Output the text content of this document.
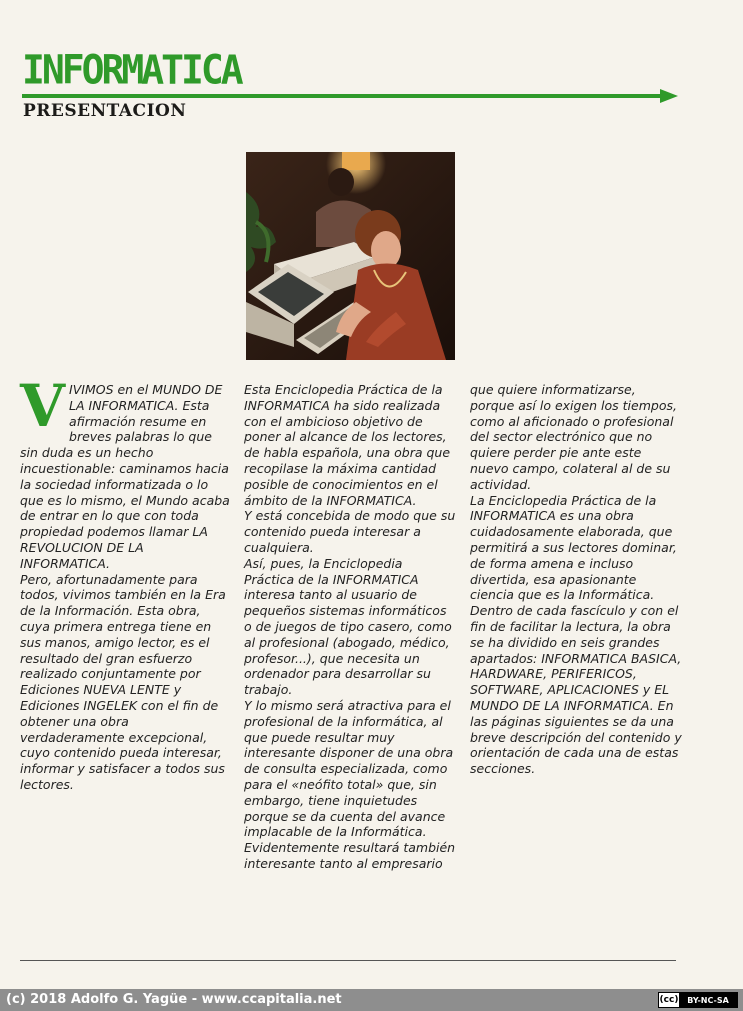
INFORMATICA
PRESENTACION
V IVIMOS en el MUNDO DE LA INFORMATICA. Esta afirmación resume en breves palabras lo que sin duda es un hecho incuestionable: caminamos hacia la sociedad informatizada o lo que es lo mismo, el Mundo acaba de entrar en lo que con toda propiedad podemos llamar LA REVOLUCION DE LA INFORMATICA.

Pero, afortunadamente para todos, vivimos también en la Era de la Información. Esta obra, cuya primera entrega tiene en sus manos, amigo lector, es el resultado del gran esfuerzo realizado conjuntamente por Ediciones NUEVA LENTE y Ediciones INGELEK con el fin de obtener una obra verdaderamente excepcional, cuyo contenido pueda interesar, informar y satisfacer a todos sus lectores.

Esta Enciclopedia Práctica de la INFORMATICA ha sido realizada con el ambicioso objetivo de poner al alcance de los lectores, de habla española, una obra que recopilase la máxima cantidad posible de conocimientos en el ámbito de la INFORMATICA.

Y está concebida de modo que su contenido pueda interesar a cualquiera.

Así, pues, la Enciclopedia Práctica de la INFORMATICA interesa tanto al usuario de pequeños sistemas informáticos o de juegos de tipo casero, como al profesional (abogado, médico, profesor...), que necesita un ordenador para desarrollar su trabajo.

Y lo mismo será atractiva para el profesional de la informática, al que puede resultar muy interesante disponer de una obra de consulta especializada, como para el «neófito total» que, sin embargo, tiene inquietudes porque se da cuenta del avance implacable de la Informática. Evidentemente resultará también interesante tanto al empresario

que quiere informatizarse, porque así lo exigen los tiempos, como al aficionado o profesional del sector electrónico que no quiere perder pie ante este nuevo campo, colateral al de su actividad.

La Enciclopedia Práctica de la INFORMATICA es una obra cuidadosamente elaborada, que permitirá a sus lectores dominar, de forma amena e incluso divertida, esa apasionante ciencia que es la Informática.

Dentro de cada fascículo y con el fin de facilitar la lectura, la obra se ha dividido en seis grandes apartados: INFORMATICA BASICA, HARDWARE, PERIFERICOS, SOFTWARE, APLICACIONES y EL MUNDO DE LA INFORMATICA. En las páginas siguientes se da una breve descripción del contenido y orientación de cada una de estas secciones.

(c) 2018 Adolfo G. Yagüe - www.ccapitalia.net	(cc)	BY-NC-SA
